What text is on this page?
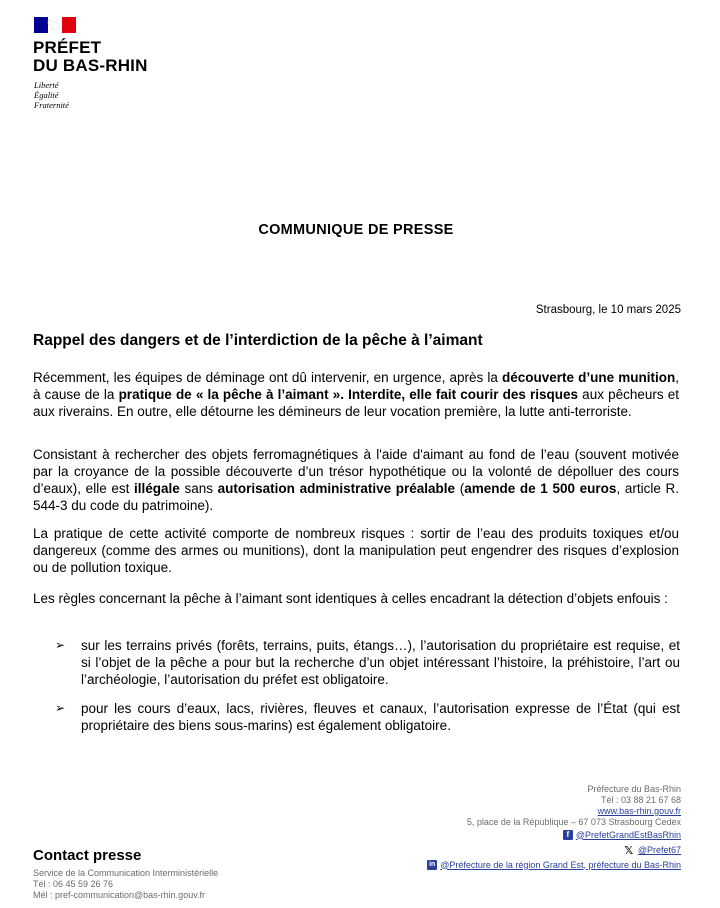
PRÉFET
DU BAS-RHIN
Liberté
Égalité
Fraternité
COMMUNIQUE DE PRESSE
Strasbourg, le 10 mars 2025
Rappel des dangers et de l’interdiction de la pêche à l’aimant
Récemment, les équipes de déminage ont dû intervenir, en urgence, après la découverte d’une munition, à cause de la pratique de « la pêche à l’aimant ». Interdite, elle fait courir des risques aux pêcheurs et aux riverains. En outre, elle détourne les démineurs de leur vocation première, la lutte anti-terroriste.
Consistant à rechercher des objets ferromagnétiques à l'aide d'aimant au fond de l’eau (souvent motivée par la croyance de la possible découverte d’un trésor hypothétique ou la volonté de dépolluer des cours d’eaux), elle est illégale sans autorisation administrative préalable (amende de 1 500 euros, article R. 544-3 du code du patrimoine).
La pratique de cette activité comporte de nombreux risques : sortir de l’eau des produits toxiques et/ou dangereux (comme des armes ou munitions), dont la manipulation peut engendrer des risques d’explosion ou de pollution toxique.
Les règles concernant la pêche à l’aimant sont identiques à celles encadrant la détection d’objets enfouis :
➢ sur les terrains privés (forêts, terrains, puits, étangs…), l’autorisation du propriétaire est requise, et si l’objet de la pêche a pour but la recherche d’un objet intéressant l’histoire, la préhistoire, l’art ou l’archéologie, l’autorisation du préfet est obligatoire.
➢ pour les cours d’eaux, lacs, rivières, fleuves et canaux, l’autorisation expresse de l’État (qui est propriétaire des biens sous-marins) est également obligatoire.
Contact presse
Service de la Communication Interministérielle
Tél : 06 45 59 26 76
Mél : pref-communication@bas-rhin.gouv.fr
Préfecture du Bas-Rhin
Tél : 03 88 21 67 68
www.bas-rhin.gouv.fr
5, place de la République – 67 073 Strasbourg Cedex
f @PrefetGrandEstBasRhin
𝕏 @Prefet67
in @Préfecture de la région Grand Est, préfecture du Bas-Rhin
